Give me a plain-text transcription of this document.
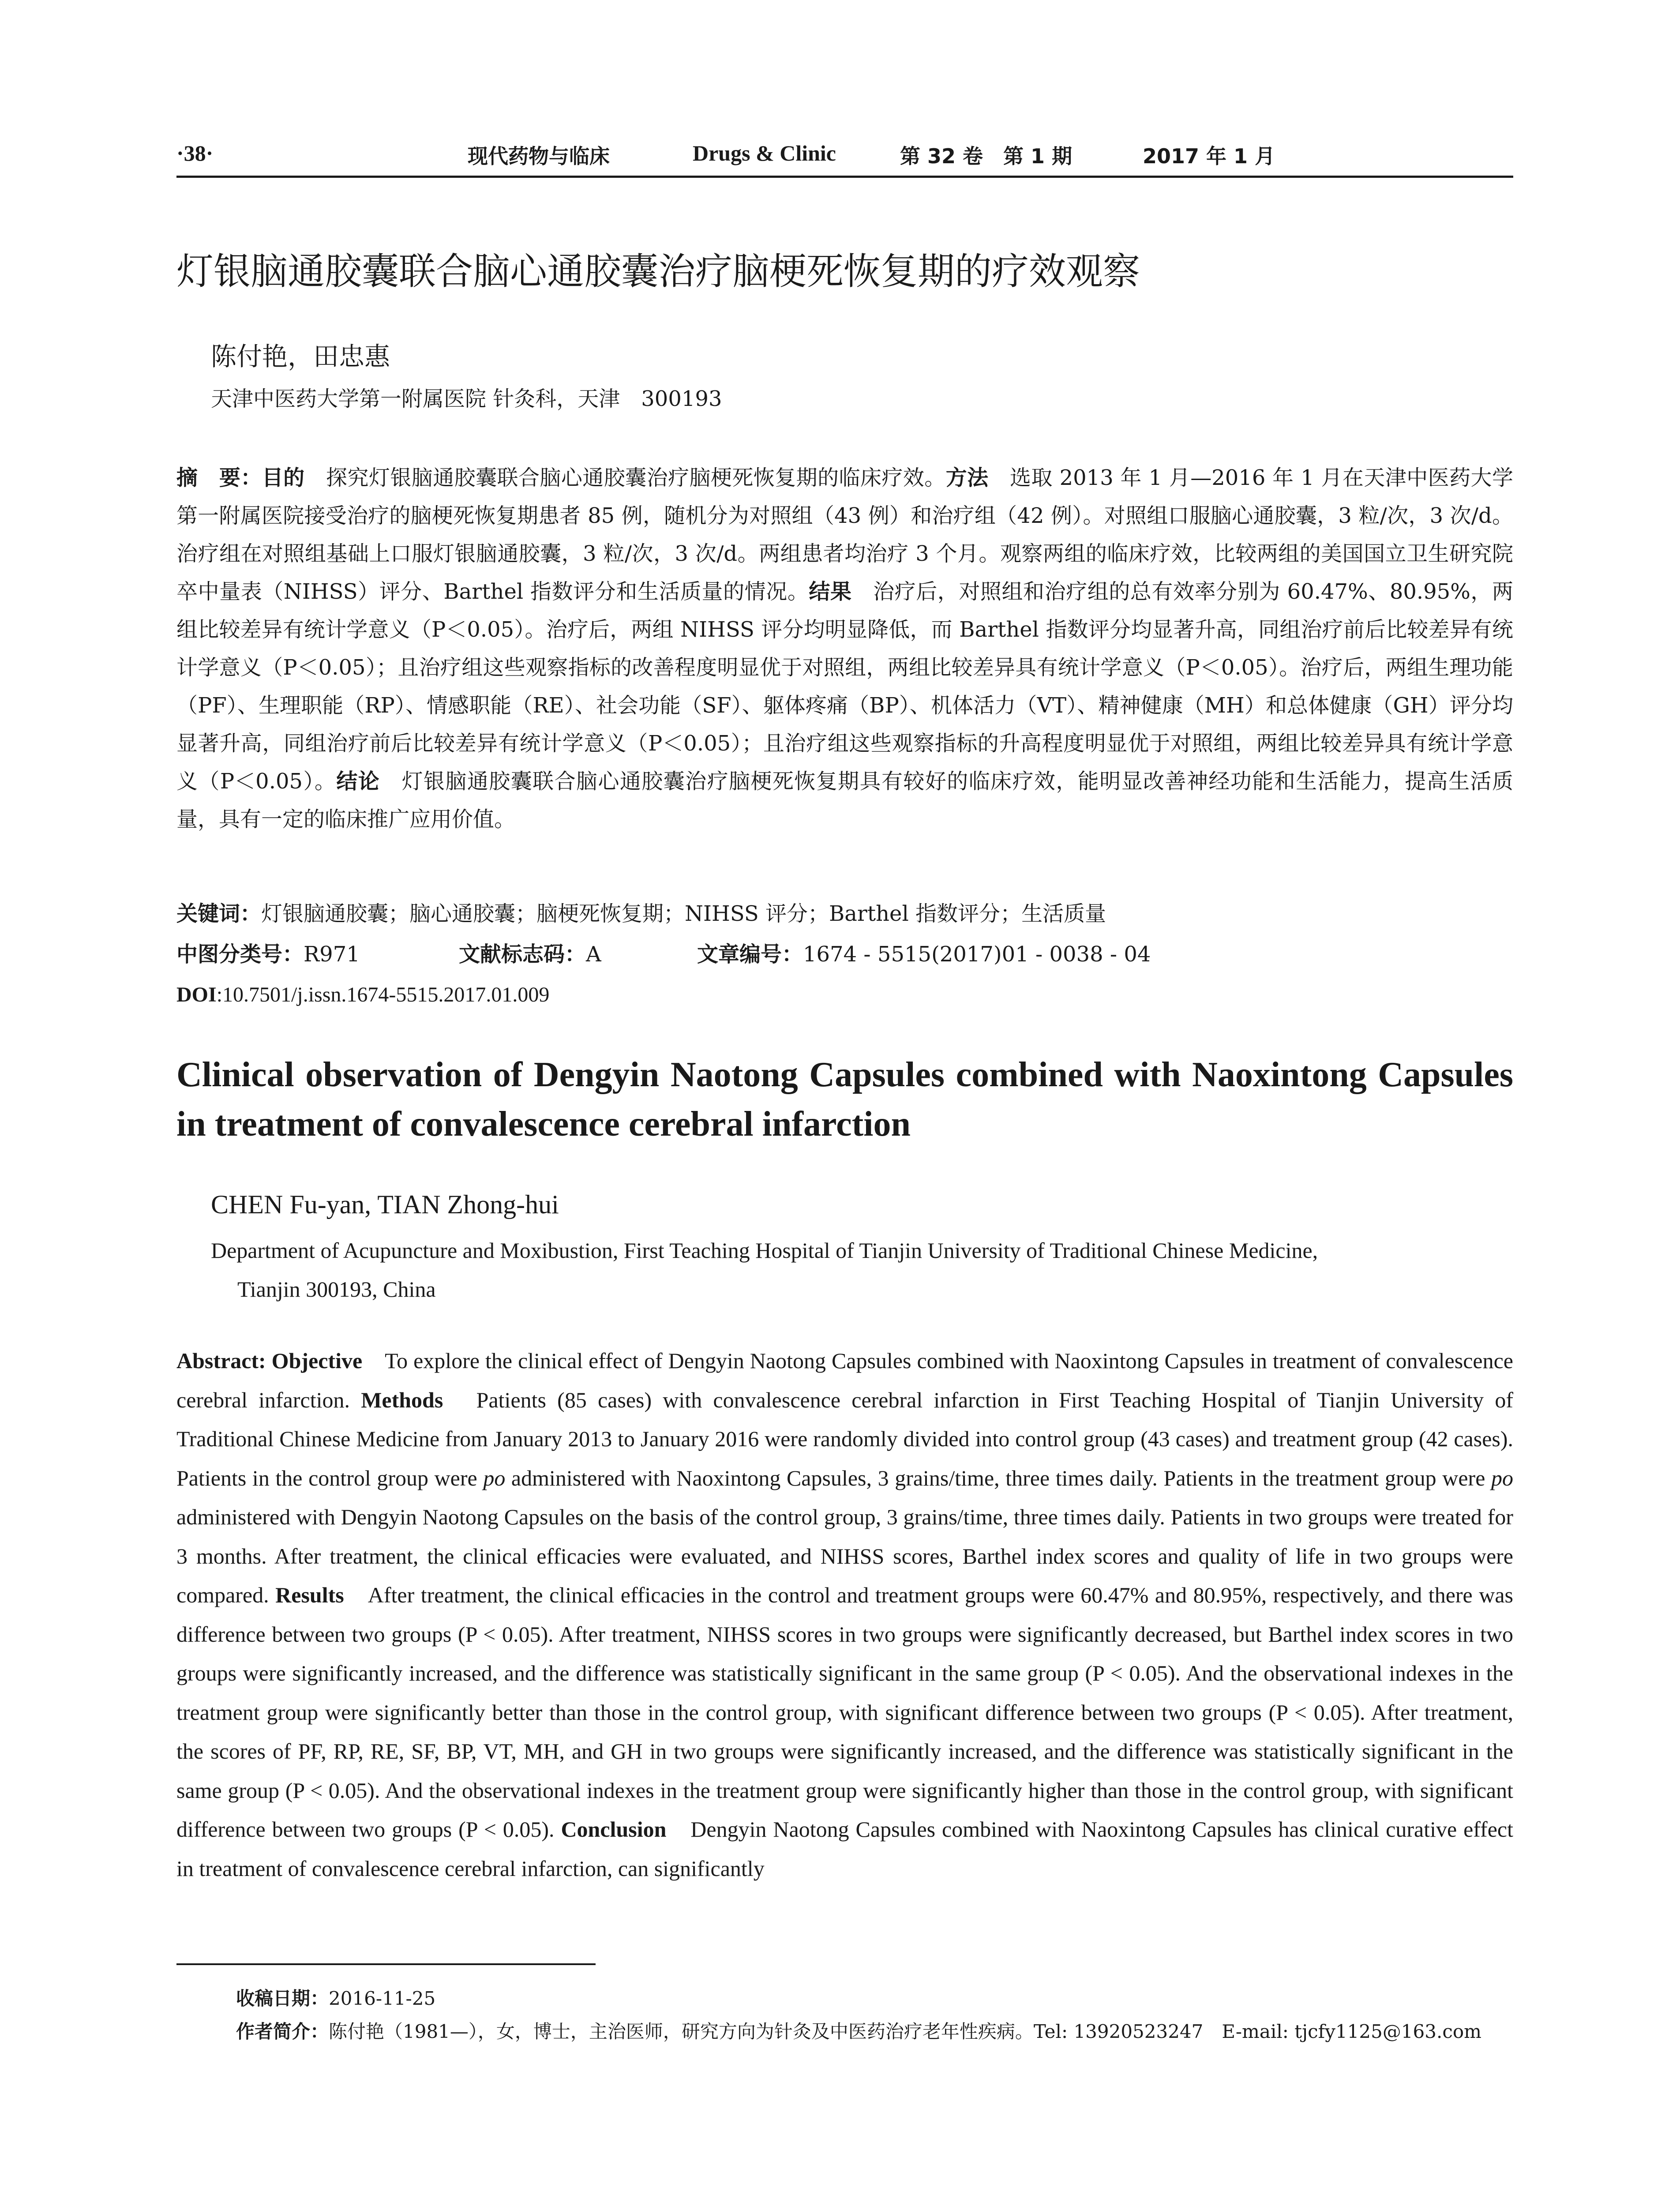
·38·	现代药物与临床	Drugs & Clinic	第 32 卷　第 1 期	2017 年 1 月
灯银脑通胶囊联合脑心通胶囊治疗脑梗死恢复期的疗效观察
陈付艳，田忠惠
天津中医药大学第一附属医院 针灸科，天津　300193
摘　要：目的　探究灯银脑通胶囊联合脑心通胶囊治疗脑梗死恢复期的临床疗效。方法　选取 2013 年 1 月—2016 年 1 月在天津中医药大学第一附属医院接受治疗的脑梗死恢复期患者 85 例，随机分为对照组（43 例）和治疗组（42 例）。对照组口服脑心通胶囊，3 粒/次，3 次/d。治疗组在对照组基础上口服灯银脑通胶囊，3 粒/次，3 次/d。两组患者均治疗 3 个月。观察两组的临床疗效，比较两组的美国国立卫生研究院卒中量表（NIHSS）评分、Barthel 指数评分和生活质量的情况。结果　治疗后，对照组和治疗组的总有效率分别为 60.47%、80.95%，两组比较差异有统计学意义（P＜0.05）。治疗后，两组 NIHSS 评分均明显降低，而 Barthel 指数评分均显著升高，同组治疗前后比较差异有统计学意义（P＜0.05）；且治疗组这些观察指标的改善程度明显优于对照组，两组比较差异具有统计学意义（P＜0.05）。治疗后，两组生理功能（PF）、生理职能（RP）、情感职能（RE）、社会功能（SF）、躯体疼痛（BP）、机体活力（VT）、精神健康（MH）和总体健康（GH）评分均显著升高，同组治疗前后比较差异有统计学意义（P＜0.05）；且治疗组这些观察指标的升高程度明显优于对照组，两组比较差异具有统计学意义（P＜0.05）。结论　灯银脑通胶囊联合脑心通胶囊治疗脑梗死恢复期具有较好的临床疗效，能明显改善神经功能和生活能力，提高生活质量，具有一定的临床推广应用价值。
关键词：灯银脑通胶囊；脑心通胶囊；脑梗死恢复期；NIHSS 评分；Barthel 指数评分；生活质量
中图分类号：R971	文献标志码：A	文章编号：1674 - 5515(2017)01 - 0038 - 04
DOI:10.7501/j.issn.1674-5515.2017.01.009
Clinical observation of Dengyin Naotong Capsules combined with Naoxintong Capsules in treatment of convalescence cerebral infarction
CHEN Fu-yan, TIAN Zhong-hui
Department of Acupuncture and Moxibustion, First Teaching Hospital of Tianjin University of Traditional Chinese Medicine,
Tianjin 300193, China
Abstract: Objective　To explore the clinical effect of Dengyin Naotong Capsules combined with Naoxintong Capsules in treatment of convalescence cerebral infarction. Methods　Patients (85 cases) with convalescence cerebral infarction in First Teaching Hospital of Tianjin University of Traditional Chinese Medicine from January 2013 to January 2016 were randomly divided into control group (43 cases) and treatment group (42 cases). Patients in the control group were po administered with Naoxintong Capsules, 3 grains/time, three times daily. Patients in the treatment group were po administered with Dengyin Naotong Capsules on the basis of the control group, 3 grains/time, three times daily. Patients in two groups were treated for 3 months. After treatment, the clinical efficacies were evaluated, and NIHSS scores, Barthel index scores and quality of life in two groups were compared. Results　After treatment, the clinical efficacies in the control and treatment groups were 60.47% and 80.95%, respectively, and there was difference between two groups (P < 0.05). After treatment, NIHSS scores in two groups were significantly decreased, but Barthel index scores in two groups were significantly increased, and the difference was statistically significant in the same group (P < 0.05). And the observational indexes in the treatment group were significantly better than those in the control group, with significant difference between two groups (P < 0.05). After treatment, the scores of PF, RP, RE, SF, BP, VT, MH, and GH in two groups were significantly increased, and the difference was statistically significant in the same group (P < 0.05). And the observational indexes in the treatment group were significantly higher than those in the control group, with significant difference between two groups (P < 0.05). Conclusion　Dengyin Naotong Capsules combined with Naoxintong Capsules has clinical curative effect in treatment of convalescence cerebral infarction, can significantly
收稿日期：2016-11-25
作者简介：陈付艳（1981—），女，博士，主治医师，研究方向为针灸及中医药治疗老年性疾病。Tel: 13920523247　E-mail: tjcfy1125@163.com
